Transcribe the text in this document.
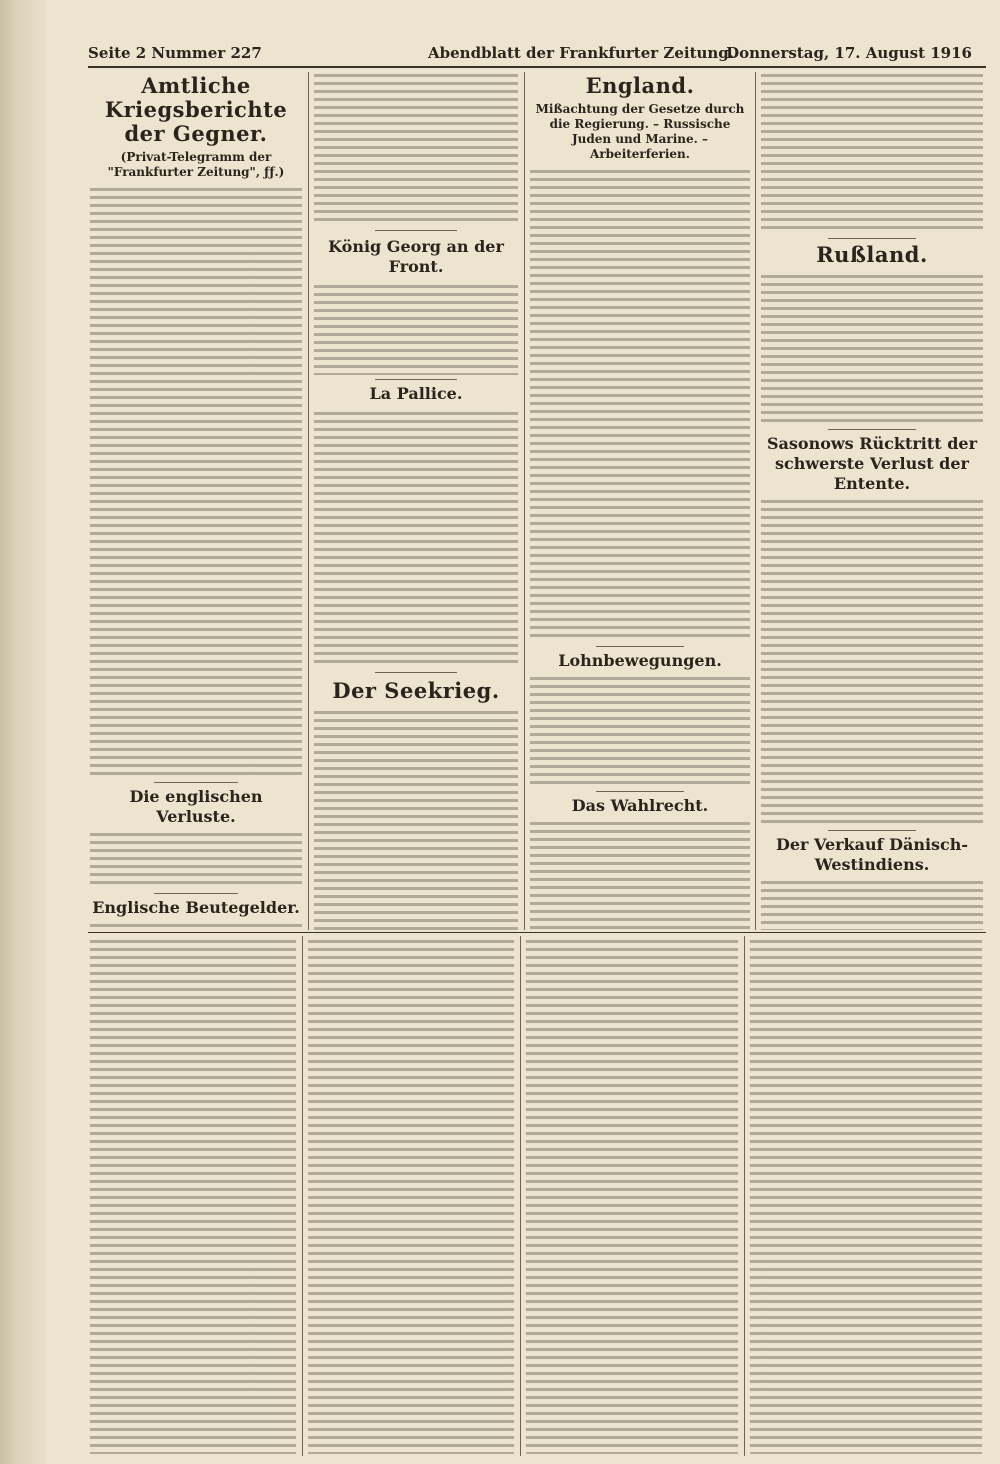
Seite 2 Nummer 227	Abendblatt der Frankfurter Zeitung.
Donnerstag, 17. August 1916
Amtliche Kriegsberichte der Gegner.
(Privat-Telegramm der "Frankfurter Zeitung", ƒƒ.)
Die englischen Verluste.
Englische Beutegelder.
König Georg an der Front.
La Pallice.
Der Seekrieg.
England.
Mißachtung der Gesetze durch die Regierung. – Russische Juden und Marine. – Arbeiterferien.
Lohnbewegungen.
Das Wahlrecht.
Rußland.
Sasonows Rücktritt der schwerste Verlust der Entente.
Der Verkauf Dänisch-Westindiens.
